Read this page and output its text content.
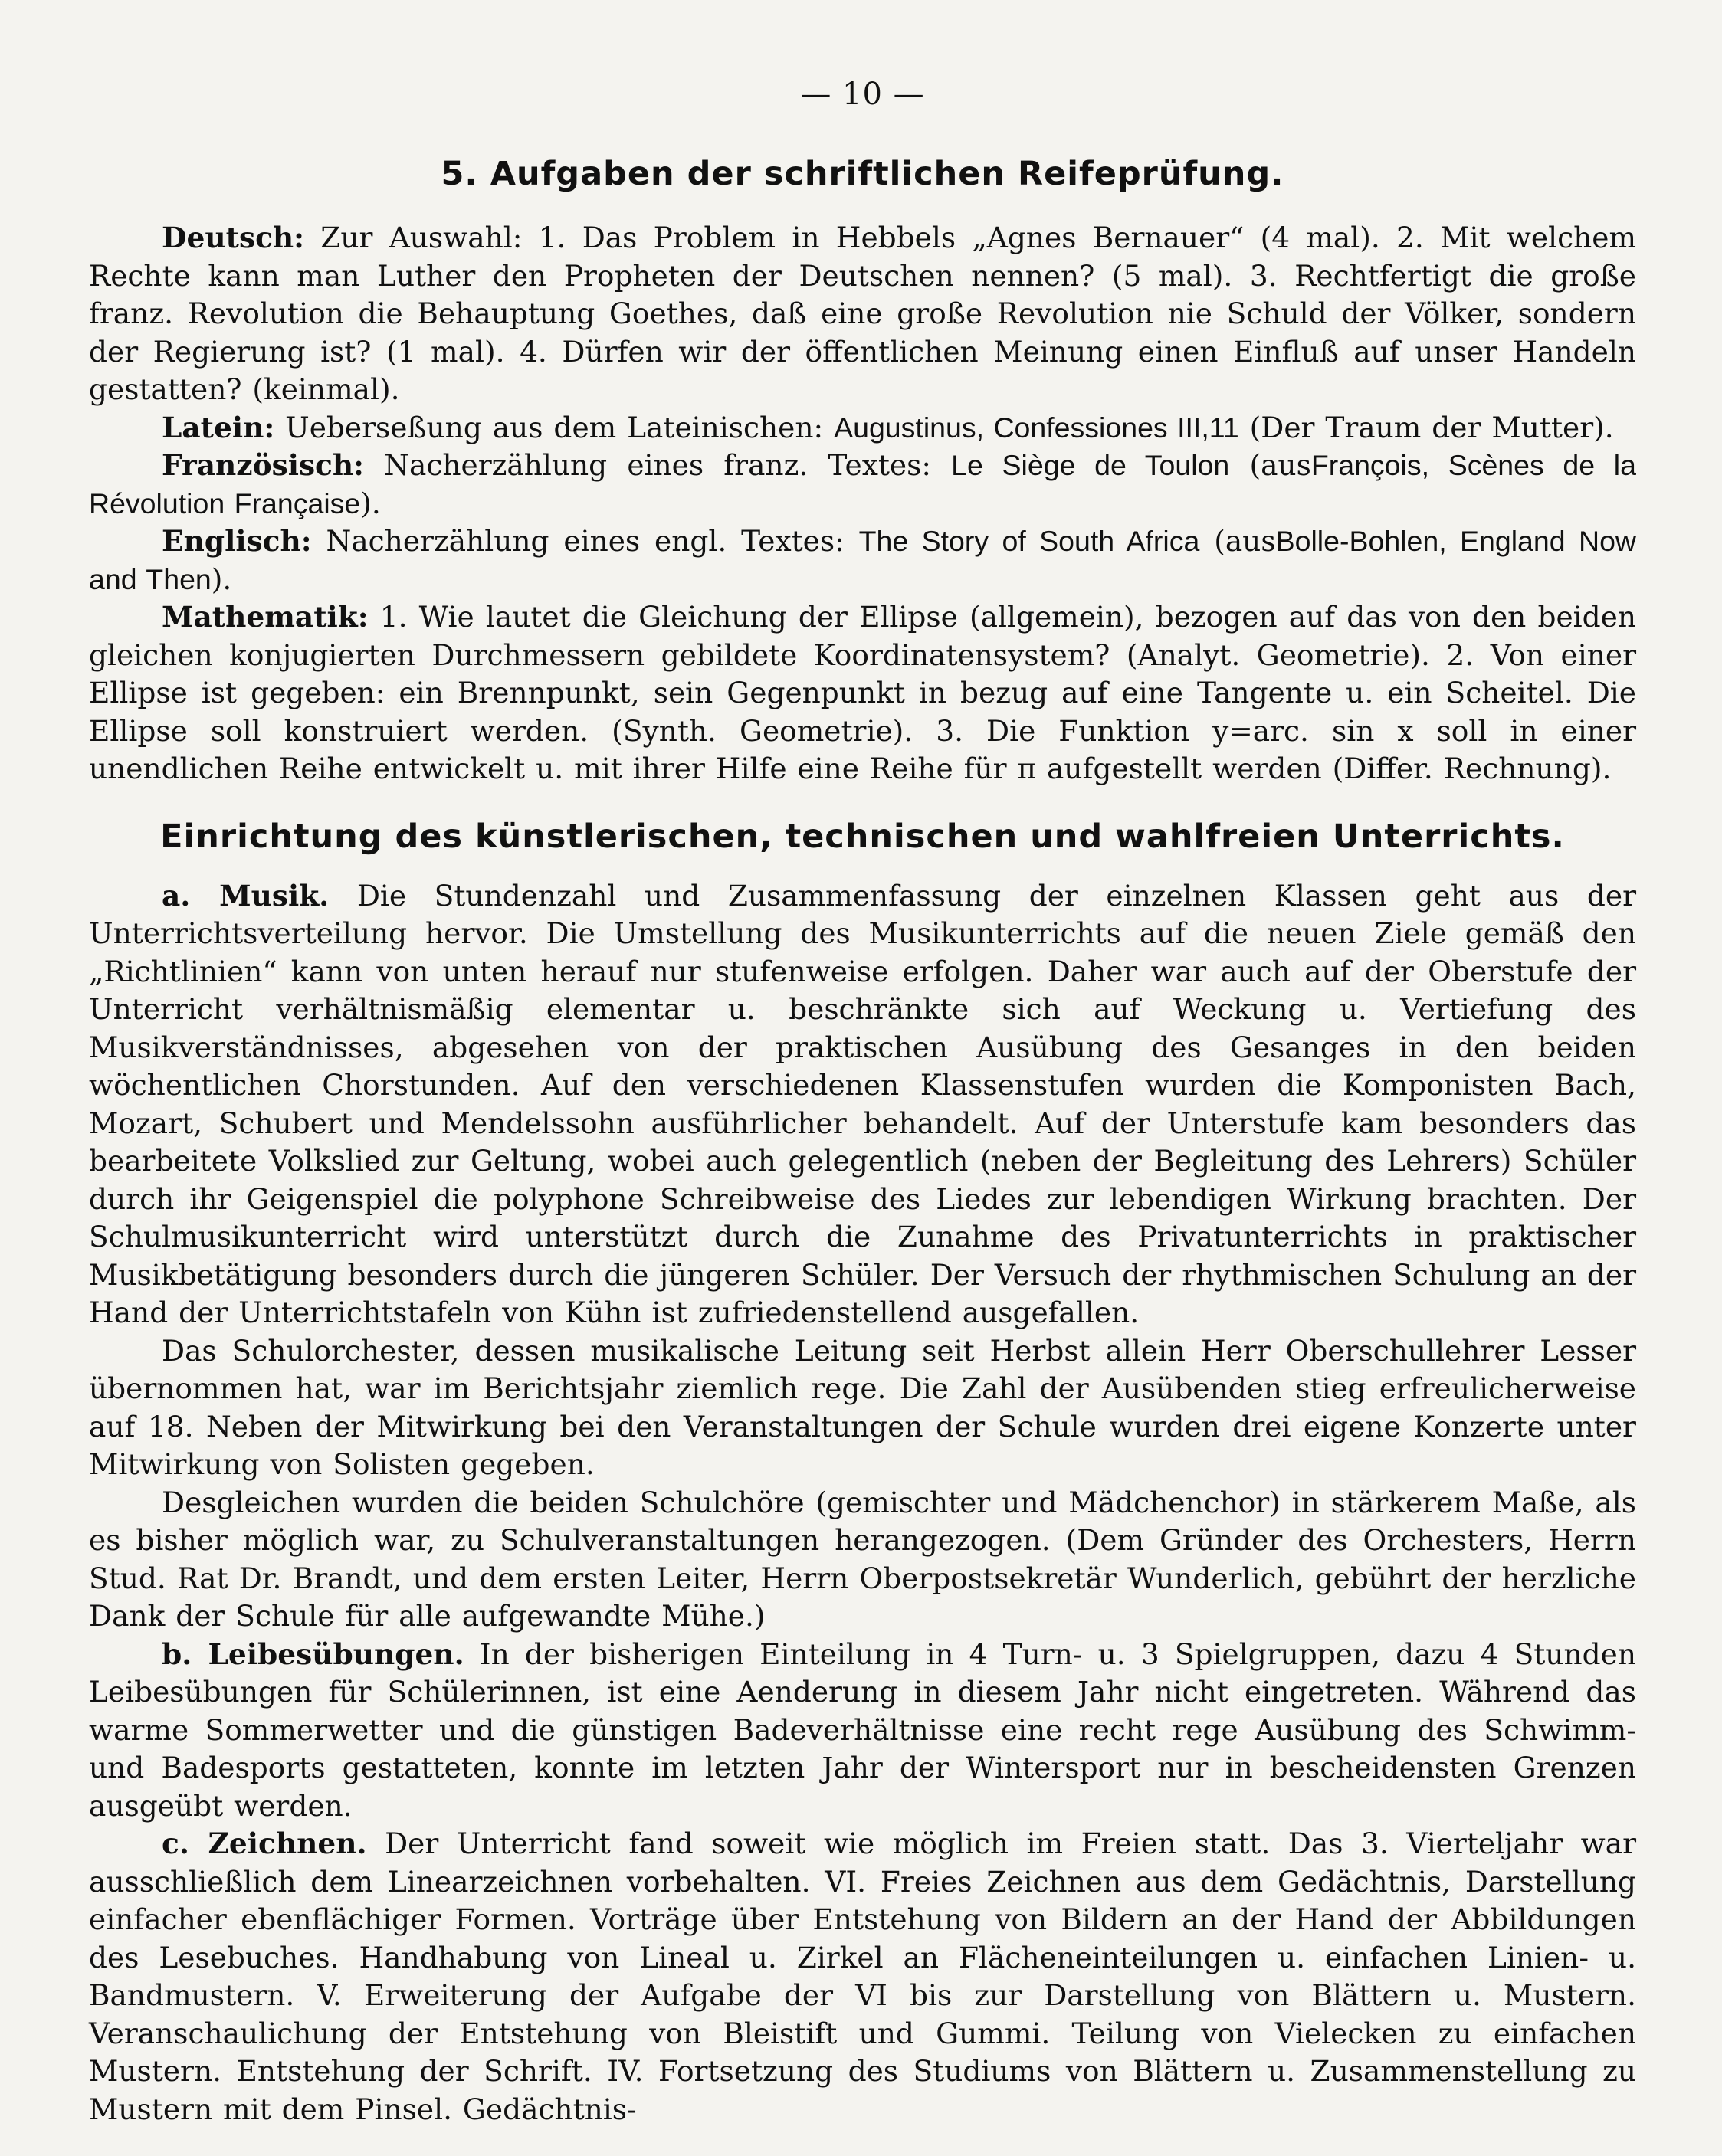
— 10 —
5. Aufgaben der schriftlichen Reifeprüfung.

Deutsch: Zur Auswahl: 1. Das Problem in Hebbels „Agnes Bernauer“ (4 mal). 2. Mit welchem Rechte kann man Luther den Propheten der Deutschen nennen? (5 mal). 3. Rechtfertigt die große franz. Revolution die Behauptung Goethes, daß eine große Revolution nie Schuld der Völker, sondern der Regierung ist? (1 mal). 4. Dürfen wir der öffentlichen Meinung einen Einfluß auf unser Handeln gestatten? (keinmal).

Latein: Ueberseßung aus dem Lateinischen: Augustinus, Confessiones III,11 (Der Traum der Mutter).

Französisch: Nacherzählung eines franz. Textes: Le Siège de Toulon (ausFrançois, Scènes de la Révolution Française).

Englisch: Nacherzählung eines engl. Textes: The Story of South Africa (ausBolle-Bohlen, England Now and Then).

Mathematik: 1. Wie lautet die Gleichung der Ellipse (allgemein), bezogen auf das von den beiden gleichen konjugierten Durchmessern gebildete Koordinatensystem? (Analyt. Geometrie). 2. Von einer Ellipse ist gegeben: ein Brennpunkt, sein Gegenpunkt in bezug auf eine Tangente u. ein Scheitel. Die Ellipse soll konstruiert werden. (Synth. Geometrie). 3. Die Funktion y=arc. sin x soll in einer unendlichen Reihe entwickelt u. mit ihrer Hilfe eine Reihe für π aufgestellt werden (Differ. Rechnung).

Einrichtung des künstlerischen, technischen und wahlfreien Unterrichts.

a. Musik. Die Stundenzahl und Zusammenfassung der einzelnen Klassen geht aus der Unterrichtsverteilung hervor. Die Umstellung des Musikunterrichts auf die neuen Ziele gemäß den „Richtlinien“ kann von unten herauf nur stufenweise erfolgen. Daher war auch auf der Oberstufe der Unterricht verhältnismäßig elementar u. beschränkte sich auf Weckung u. Vertiefung des Musikverständnisses, abgesehen von der praktischen Ausübung des Gesanges in den beiden wöchentlichen Chorstunden. Auf den verschiedenen Klassenstufen wurden die Komponisten Bach, Mozart, Schubert und Mendelssohn ausführlicher behandelt. Auf der Unterstufe kam besonders das bearbeitete Volkslied zur Geltung, wobei auch gelegentlich (neben der Begleitung des Lehrers) Schüler durch ihr Geigenspiel die polyphone Schreibweise des Liedes zur lebendigen Wirkung brachten. Der Schulmusikunterricht wird unterstützt durch die Zunahme des Privatunterrichts in praktischer Musikbetätigung besonders durch die jüngeren Schüler. Der Versuch der rhythmischen Schulung an der Hand der Unterrichtstafeln von Kühn ist zufriedenstellend ausgefallen.

Das Schulorchester, dessen musikalische Leitung seit Herbst allein Herr Oberschullehrer Lesser übernommen hat, war im Berichtsjahr ziemlich rege. Die Zahl der Ausübenden stieg erfreulicherweise auf 18. Neben der Mitwirkung bei den Veranstaltungen der Schule wurden drei eigene Konzerte unter Mitwirkung von Solisten gegeben.

Desgleichen wurden die beiden Schulchöre (gemischter und Mädchenchor) in stärkerem Maße, als es bisher möglich war, zu Schulveranstaltungen herangezogen. (Dem Gründer des Orchesters, Herrn Stud. Rat Dr. Brandt, und dem ersten Leiter, Herrn Oberpostsekretär Wunderlich, gebührt der herzliche Dank der Schule für alle aufgewandte Mühe.)

b. Leibesübungen. In der bisherigen Einteilung in 4 Turn- u. 3 Spielgruppen, dazu 4 Stunden Leibesübungen für Schülerinnen, ist eine Aenderung in diesem Jahr nicht eingetreten. Während das warme Sommerwetter und die günstigen Badeverhältnisse eine recht rege Ausübung des Schwimm- und Badesports gestatteten, konnte im letzten Jahr der Wintersport nur in bescheidensten Grenzen ausgeübt werden.

c. Zeichnen. Der Unterricht fand soweit wie möglich im Freien statt. Das 3. Vierteljahr war ausschließlich dem Linearzeichnen vorbehalten. VI. Freies Zeichnen aus dem Gedächtnis, Darstellung einfacher ebenflächiger Formen. Vorträge über Entstehung von Bildern an der Hand der Abbildungen des Lesebuches. Handhabung von Lineal u. Zirkel an Flächeneinteilungen u. einfachen Linien- u. Bandmustern. V. Erweiterung der Aufgabe der VI bis zur Darstellung von Blättern u. Mustern. Veranschaulichung der Entstehung von Bleistift und Gummi. Teilung von Vielecken zu einfachen Mustern. Entstehung der Schrift. IV. Fortsetzung des Studiums von Blättern u. Zusammenstellung zu Mustern mit dem Pinsel. Gedächtnis-
